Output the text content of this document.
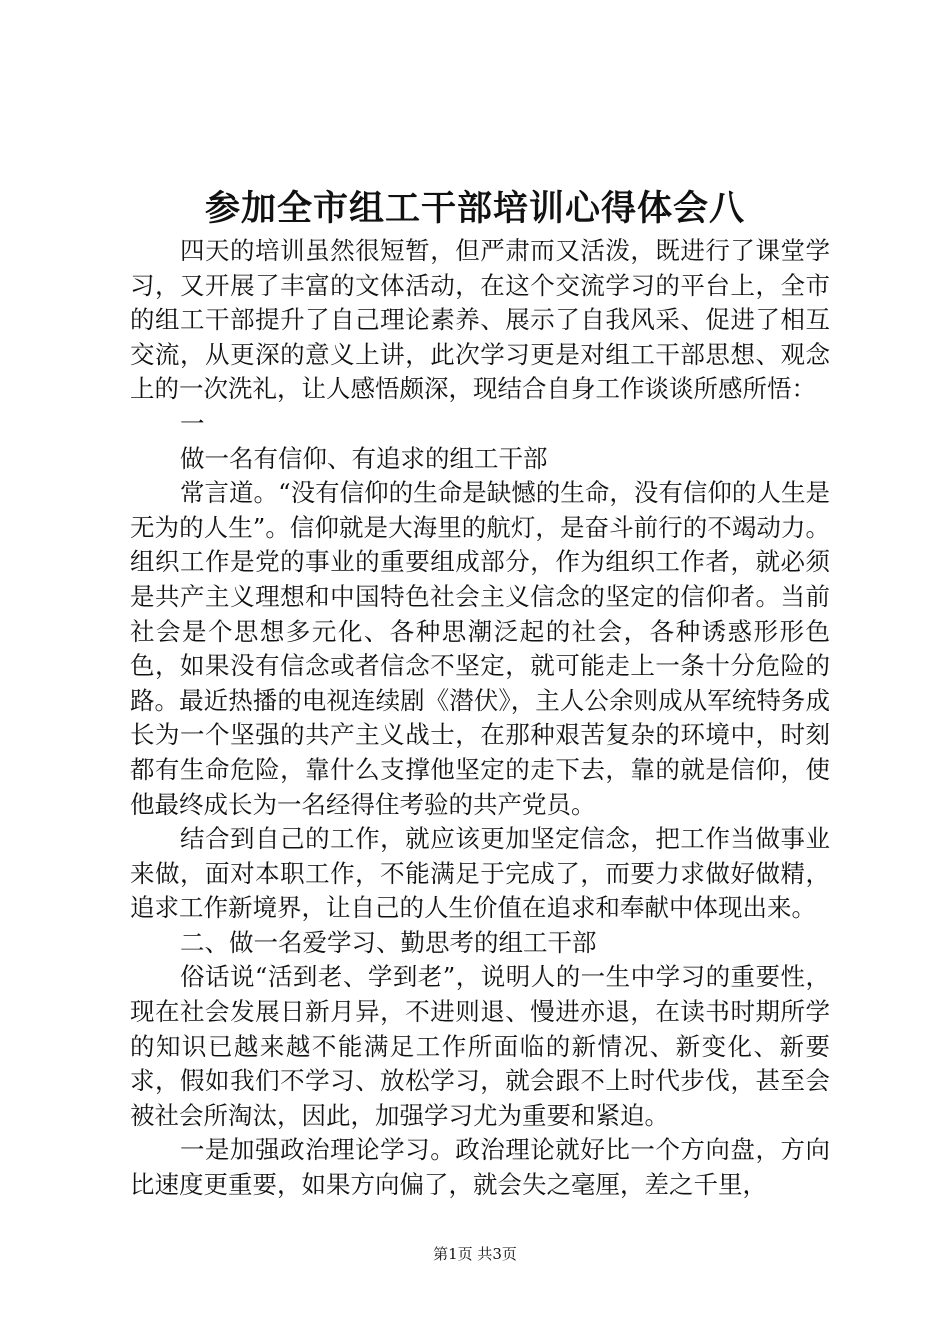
参加全市组工干部培训心得体会八

四天的培训虽然很短暂，但严肃而又活泼，既进行了课堂学习，又开展了丰富的文体活动，在这个交流学习的平台上，全市的组工干部提升了自己理论素养、展示了自我风采、促进了相互交流，从更深的意义上讲，此次学习更是对组工干部思想、观念上的一次洗礼，让人感悟颇深，现结合自身工作谈谈所感所悟：

一

做一名有信仰、有追求的组工干部

常言道。“没有信仰的生命是缺憾的生命，没有信仰的人生是无为的人生”。信仰就是大海里的航灯，是奋斗前行的不竭动力。组织工作是党的事业的重要组成部分，作为组织工作者，就必须是共产主义理想和中国特色社会主义信念的坚定的信仰者。当前社会是个思想多元化、各种思潮泛起的社会，各种诱惑形形色色，如果没有信念或者信念不坚定，就可能走上一条十分危险的路。最近热播的电视连续剧《潜伏》，主人公余则成从军统特务成长为一个坚强的共产主义战士，在那种艰苦复杂的环境中，时刻都有生命危险，靠什么支撑他坚定的走下去，靠的就是信仰，使他最终成长为一名经得住考验的共产党员。

结合到自己的工作，就应该更加坚定信念，把工作当做事业来做，面对本职工作，不能满足于完成了，而要力求做好做精，追求工作新境界，让自己的人生价值在追求和奉献中体现出来。

二、做一名爱学习、勤思考的组工干部

俗话说“活到老、学到老”，说明人的一生中学习的重要性，现在社会发展日新月异，不进则退、慢进亦退，在读书时期所学的知识已越来越不能满足工作所面临的新情况、新变化、新要求，假如我们不学习、放松学习，就会跟不上时代步伐，甚至会被社会所淘汰，因此，加强学习尤为重要和紧迫。

一是加强政治理论学习。政治理论就好比一个方向盘，方向比速度更重要，如果方向偏了，就会失之毫厘，差之千里，

第1页 共3页
